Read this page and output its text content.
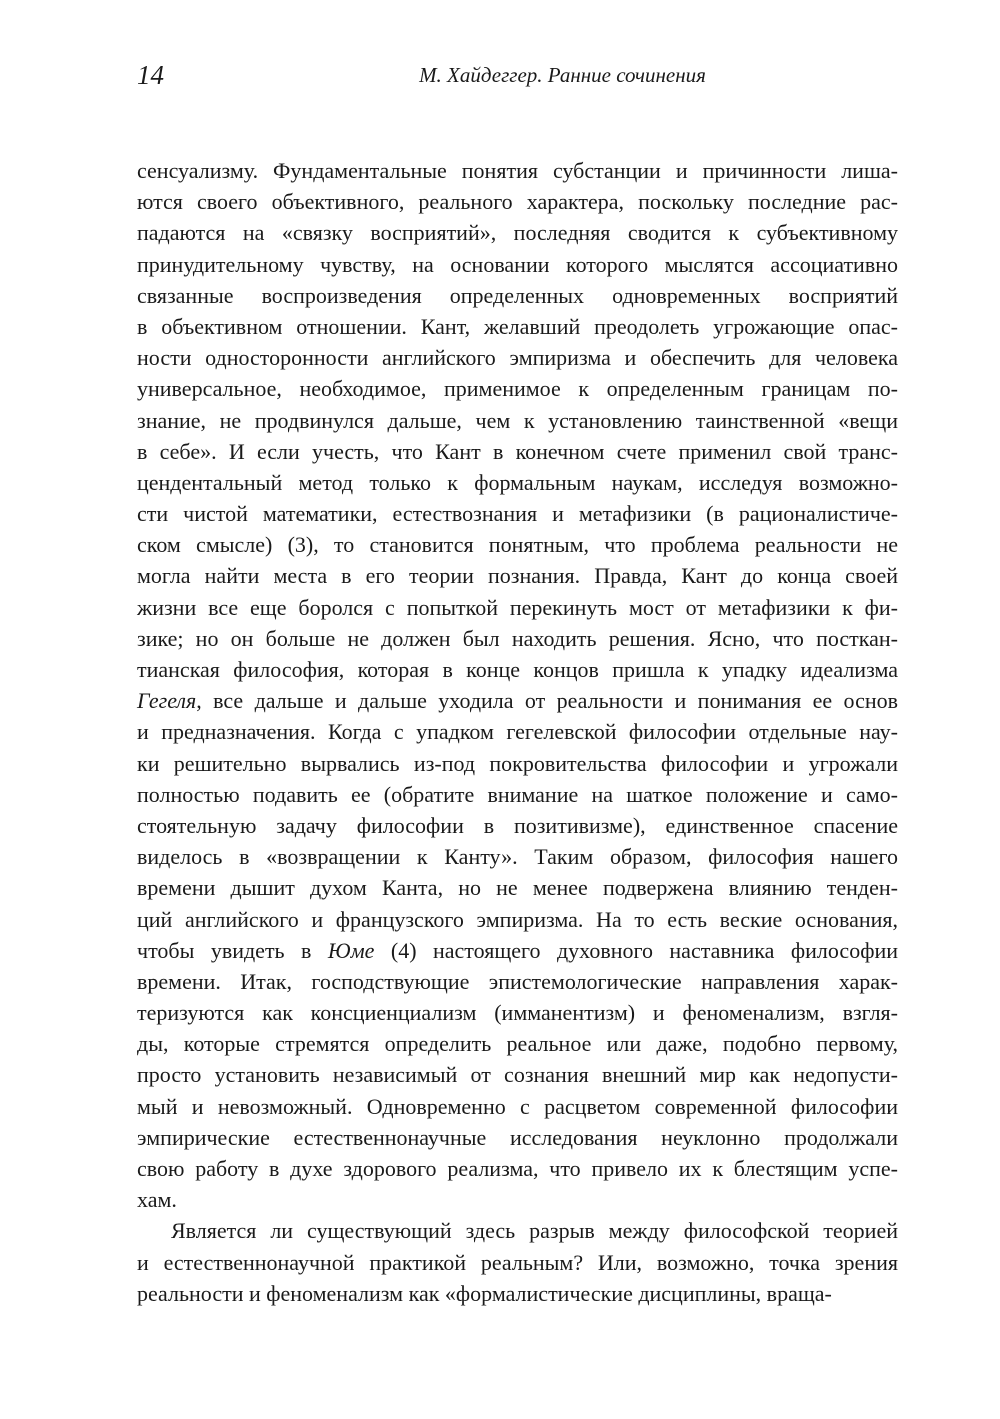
14	М. Хайдеггер. Ранние сочинения
сенсуализму. Фундаментальные понятия субстанции и причинности лиша-
ются своего объективного, реального характера, поскольку последние рас-
падаются на «связку восприятий», последняя сводится к субъективному
принудительному чувству, на основании которого мыслятся ассоциативно
связанные воспроизведения определенных одновременных восприятий
в объективном отношении. Кант, желавший преодолеть угрожающие опас-
ности односторонности английского эмпиризма и обеспечить для человека
универсальное, необходимое, применимое к определенным границам по-
знание, не продвинулся дальше, чем к установлению таинственной «вещи
в себе». И если учесть, что Кант в конечном счете применил свой транс-
цендентальный метод только к формальным наукам, исследуя возможно-
сти чистой математики, естествознания и метафизики (в рационалистиче-
ском смысле) (3), то становится понятным, что проблема реальности не
могла найти места в его теории познания. Правда, Кант до конца своей
жизни все еще боролся с попыткой перекинуть мост от метафизики к фи-
зике; но он больше не должен был находить решения. Ясно, что посткан-
тианская философия, которая в конце концов пришла к упадку идеализма
Гегеля, все дальше и дальше уходила от реальности и понимания ее основ
и предназначения. Когда с упадком гегелевской философии отдельные нау-
ки решительно вырвались из-под покровительства философии и угрожали
полностью подавить ее (обратите внимание на шаткое положение и само-
стоятельную задачу философии в позитивизме), единственное спасение
виделось в «возвращении к Канту». Таким образом, философия нашего
времени дышит духом Канта, но не менее подвержена влиянию тенден-
ций английского и французского эмпиризма. На то есть веские основания,
чтобы увидеть в Юме (4) настоящего духовного наставника философии
времени. Итак, господствующие эпистемологические направления харак-
теризуются как консциенциализм (имманентизм) и феноменализм, взгля-
ды, которые стремятся определить реальное или даже, подобно первому,
просто установить независимый от сознания внешний мир как недопусти-
мый и невозможный. Одновременно с расцветом современной философии
эмпирические естественнонаучные исследования неуклонно продолжали
свою работу в духе здорового реализма, что привело их к блестящим успе-
хам.
Является ли существующий здесь разрыв между философской теорией
и естественнонаучной практикой реальным? Или, возможно, точка зрения
реальности и феноменализм как «формалистические дисциплины, враща-
